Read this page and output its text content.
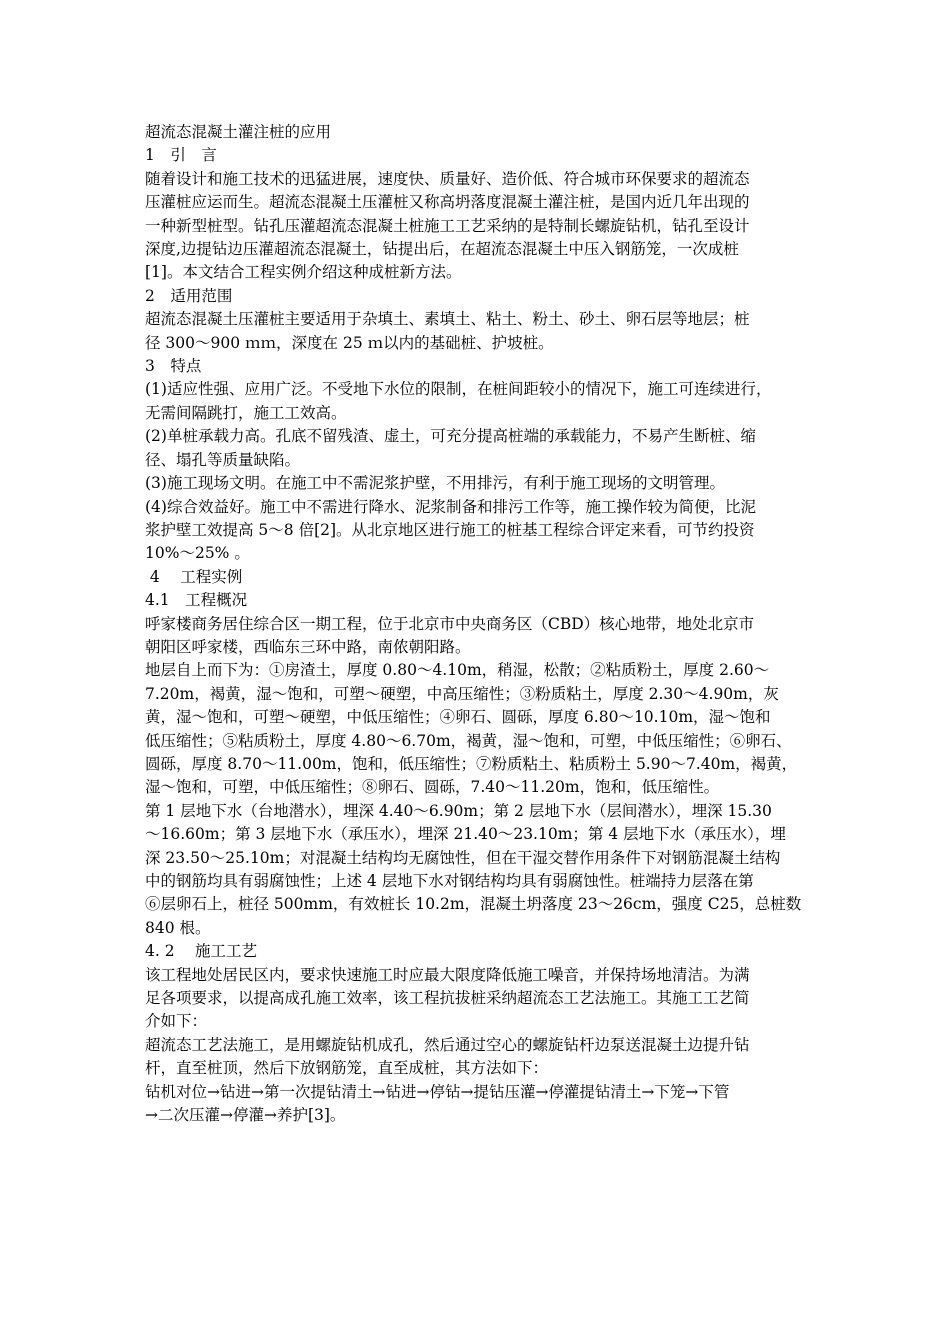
超流态混凝土灌注桩的应用

1　引　言

随着设计和施工技术的迅猛进展，速度快、质量好、造价低、符合城市环保要求的超流态

压灌桩应运而生。超流态混凝土压灌桩又称高坍落度混凝土灌注桩，是国内近几年出现的

一种新型桩型。钻孔压灌超流态混凝土桩施工工艺采纳的是特制长螺旋钻机，钻孔至设计

深度,边提钻边压灌超流态混凝土，钻提出后，在超流态混凝土中压入钢筋笼，一次成桩

[1]。本文结合工程实例介绍这种成桩新方法。

2　适用范围

超流态混凝土压灌桩主要适用于杂填土、素填土、粘土、粉土、砂土、卵石层等地层；桩

径 300～900 ｍｍ，深度在 25 ｍ以内的基础桩、护坡桩。

3　特点

(1)适应性强、应用广泛。不受地下水位的限制，在桩间距较小的情况下，施工可连续进行，

无需间隔跳打，施工工效高。

(2)单桩承载力高。孔底不留残渣、虚土，可充分提高桩端的承载能力，不易产生断桩、缩

径、塌孔等质量缺陷。

(3)施工现场文明。在施工中不需泥浆护壁，不用排污，有利于施工现场的文明管理。

(4)综合效益好。施工中不需进行降水、泥浆制备和排污工作等，施工操作较为简便，比泥

浆护壁工效提高 5～8 倍[2]。从北京地区进行施工的桩基工程综合评定来看，可节约投资

10%～25% 。

4　 工程实例

4.1　工程概况

呼家楼商务居住综合区一期工程，位于北京市中央商务区（CBD）核心地带，地处北京市

朝阳区呼家楼，西临东三环中路，南侬朝阳路。

地层自上而下为：①房渣土，厚度 0.80～4.10m，稍湿，松散；②粘质粉土，厚度 2.60～

7.20m，褐黄，湿～饱和，可塑～硬塑，中高压缩性；③粉质粘土，厚度 2.30～4.90m，灰

黄，湿～饱和，可塑～硬塑，中低压缩性；④卵石、圆砾，厚度 6.80～10.10m，湿～饱和

低压缩性；⑤粘质粉土，厚度 4.80～6.70m，褐黄，湿～饱和，可塑，中低压缩性；⑥卵石、

圆砾，厚度 8.70～11.00m，饱和，低压缩性；⑦粉质粘土、粘质粉土 5.90～7.40m，褐黄，

湿～饱和，可塑，中低压缩性；⑧卵石、圆砾，7.40～11.20m，饱和，低压缩性。

第 1 层地下水（台地潜水），埋深 4.40～6.90m；第 2 层地下水（层间潜水），埋深 15.30

～16.60m；第 3 层地下水（承压水），埋深 21.40～23.10m；第 4 层地下水（承压水），埋

深 23.50～25.10m；对混凝土结构均无腐蚀性，但在干湿交替作用条件下对钢筋混凝土结构

中的钢筋均具有弱腐蚀性；上述 4 层地下水对钢结构均具有弱腐蚀性。桩端持力层落在第

⑥层卵石上，桩径 500mm，有效桩长 10.2m，混凝土坍落度 23～26cm，强度 C25，总桩数

840 根。

4. 2　 施工工艺

该工程地处居民区内，要求快速施工时应最大限度降低施工噪音，并保持场地清洁。为满

足各项要求，以提高成孔施工效率，该工程抗拔桩采纳超流态工艺法施工。其施工工艺简

介如下：

超流态工艺法施工，是用螺旋钻机成孔，然后通过空心的螺旋钻杆边泵送混凝土边提升钻

杆，直至桩顶，然后下放钢筋笼，直至成桩，其方法如下：

钻机对位→钻进→第一次提钻清土→钻进→停钻→提钻压灌→停灌提钻清土→下笼→下管

→二次压灌→停灌→养护[3]。
